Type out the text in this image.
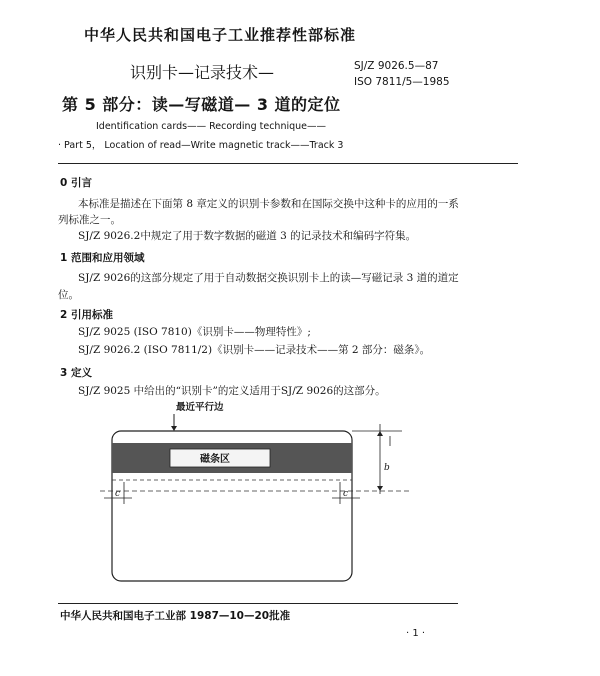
中华人民共和国电子工业推荐性部标准
SJ/Z 9026.5—87
ISO 7811/5—1985
识别卡—记录技术—
第 5 部分：读—写磁道— 3 道的定位
Identification cards—— Recording technique——
· Part 5， Location of read—Write magnetic track——Track 3
0 引言
本标准是描述在下面第 8 章定义的识别卡参数和在国际交换中这种卡的应用的一系
列标准之一。
SJ/Z 9026.2中规定了用于数字数据的磁道 3 的记录技术和编码字符集。
1 范围和应用领域
SJ/Z 9026的这部分规定了用于自动数据交换识别卡上的读—写磁记录 3 道的道定
位。
2 引用标准
SJ/Z 9025 (ISO 7810)《识别卡——物理特性》;
SJ/Z 9026.2 (ISO 7811/2)《识别卡——记录技术——第 2 部分：磁条》。
3 定义
SJ/Z 9025 中给出的“识别卡”的定义适用于SJ/Z 9026的这部分。
最近平行边
磁条区
c	c
b
中华人民共和国电子工业部 1987—10—20批准
· 1 ·
